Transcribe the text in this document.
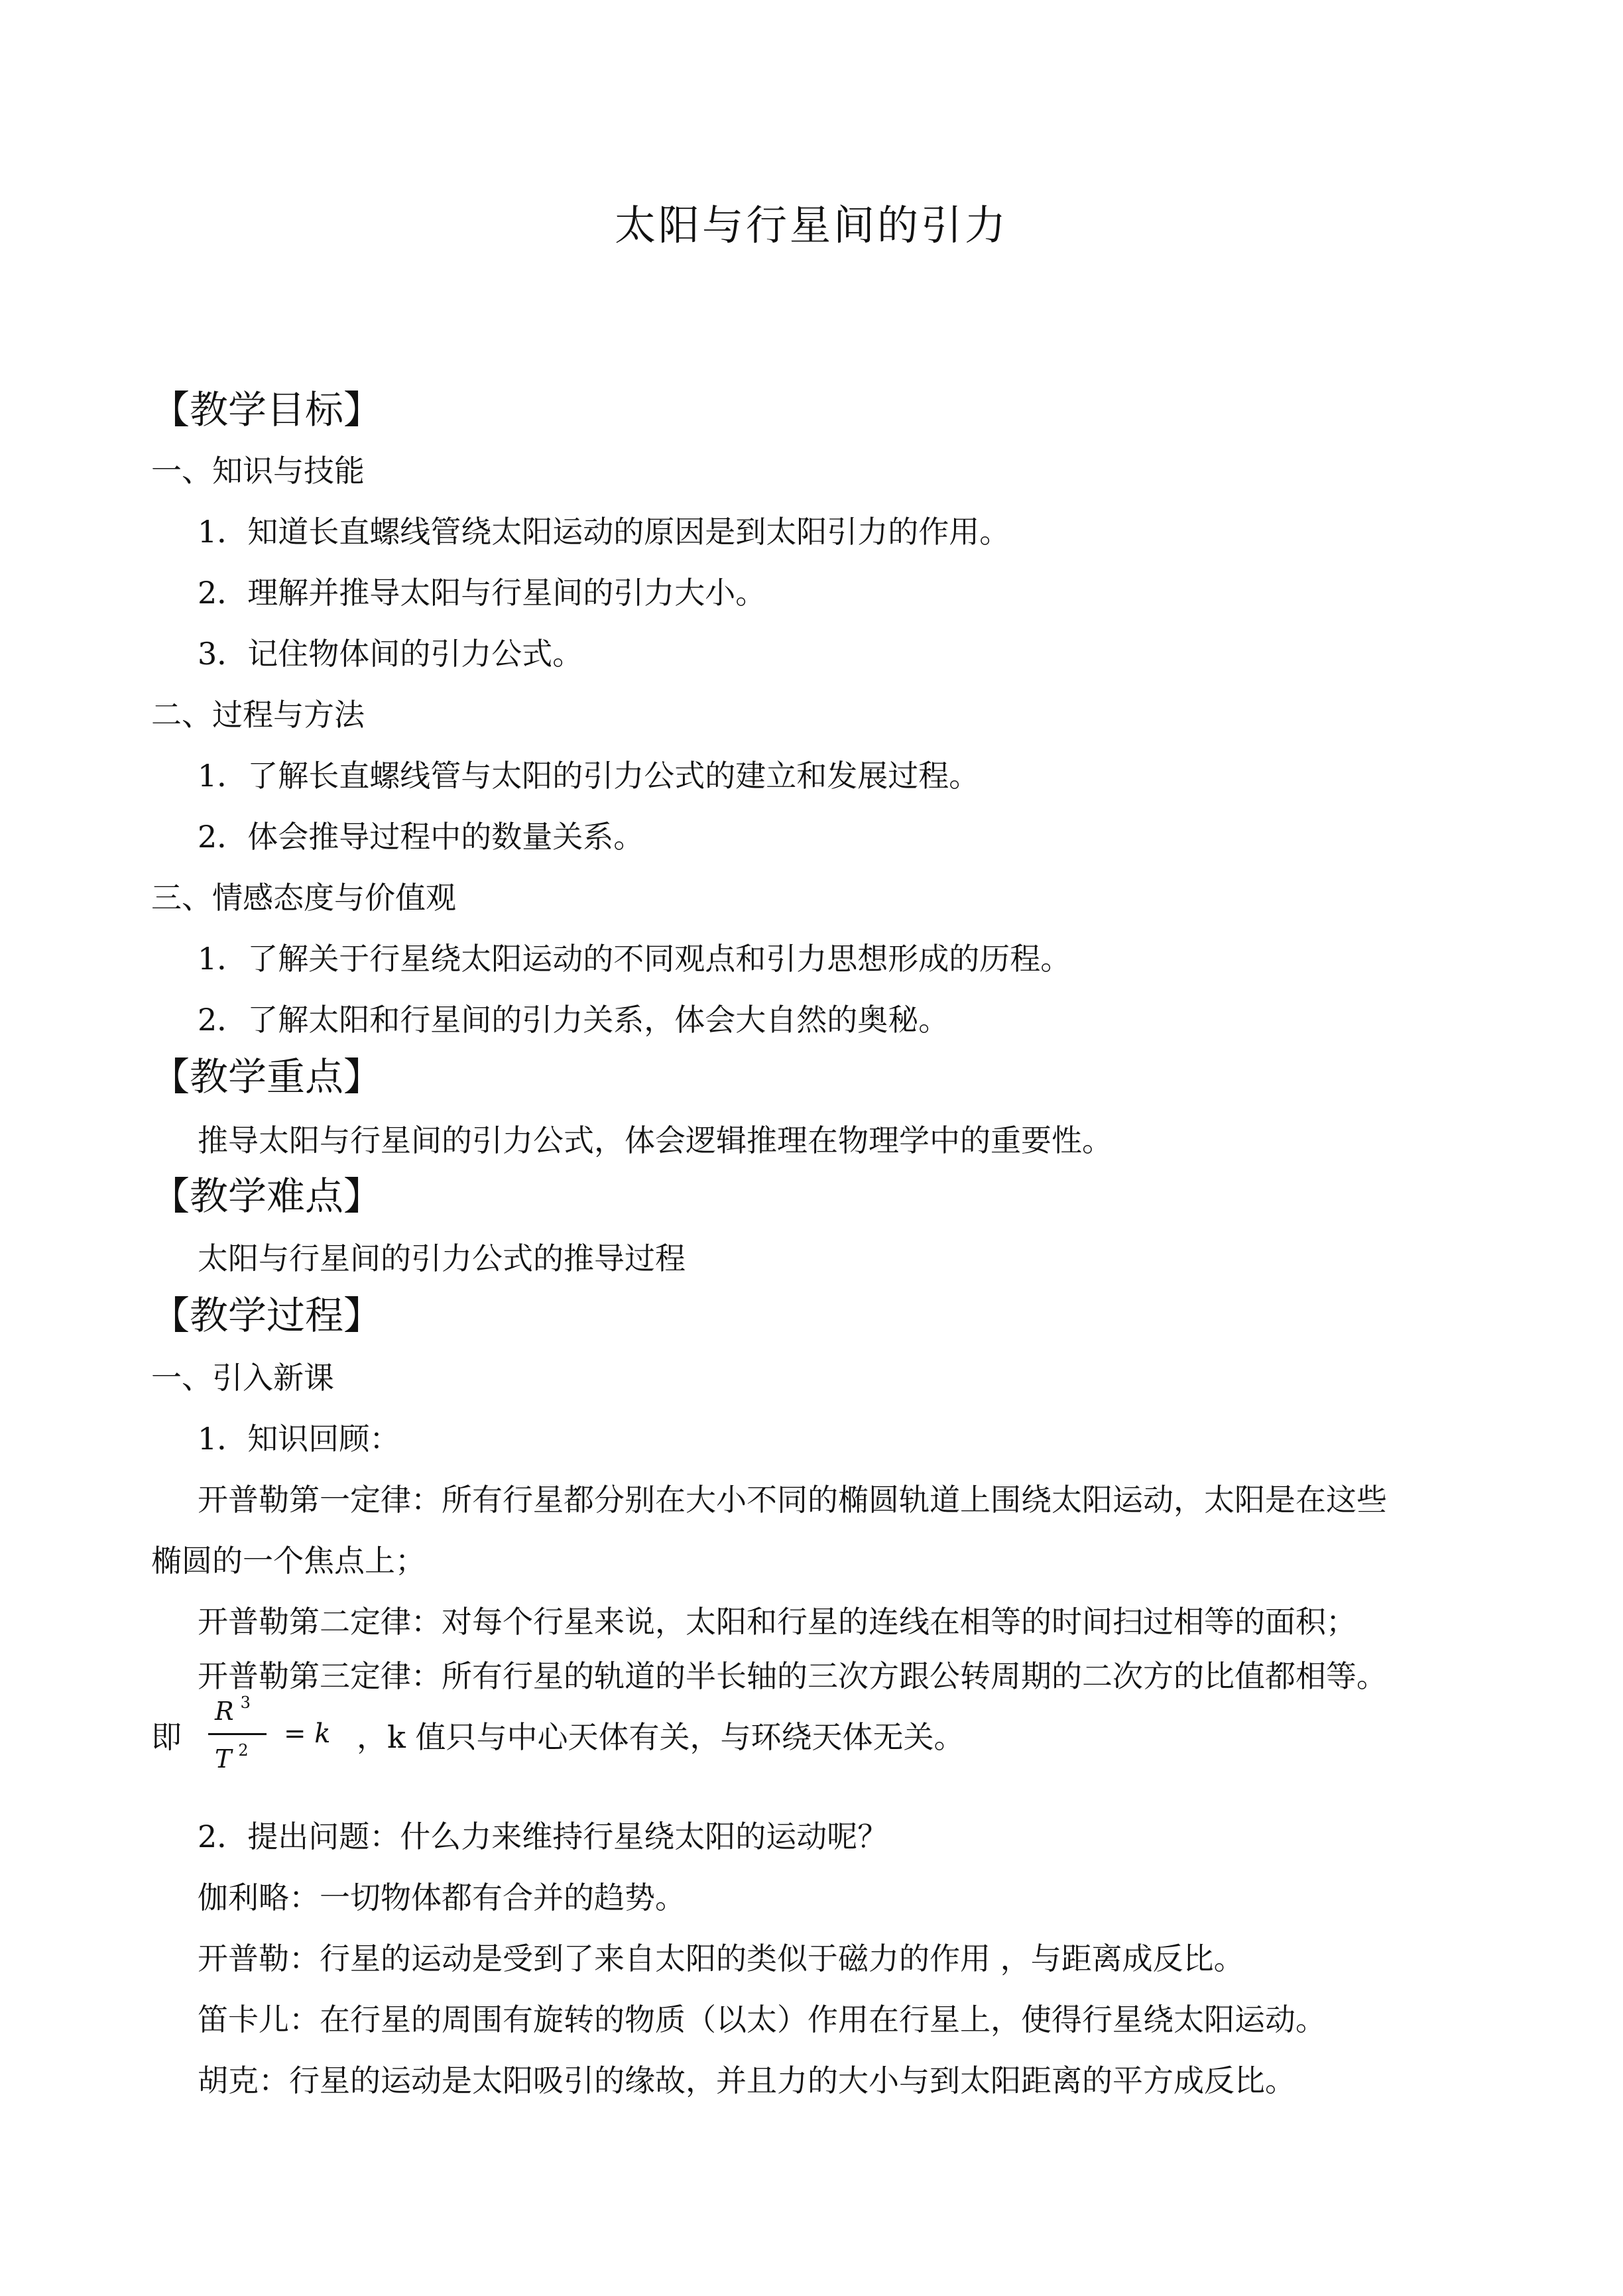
太阳与行星间的引力
【教学目标】
一、知识与技能
1．知道长直螺线管绕太阳运动的原因是到太阳引力的作用。
2．理解并推导太阳与行星间的引力大小。
3．记住物体间的引力公式。
二、过程与方法
1．了解长直螺线管与太阳的引力公式的建立和发展过程。
2．体会推导过程中的数量关系。
三、情感态度与价值观
1．了解关于行星绕太阳运动的不同观点和引力思想形成的历程。
2．了解太阳和行星间的引力关系，体会大自然的奥秘。
【教学重点】
推导太阳与行星间的引力公式，体会逻辑推理在物理学中的重要性。
【教学难点】
太阳与行星间的引力公式的推导过程
【教学过程】
一、引入新课
1．知识回顾：
开普勒第一定律：所有行星都分别在大小不同的椭圆轨道上围绕太阳运动，太阳是在这些
椭圆的一个焦点上；
开普勒第二定律：对每个行星来说，太阳和行星的连线在相等的时间扫过相等的面积；
开普勒第三定律：所有行星的轨道的半长轴的三次方跟公转周期的二次方的比值都相等。
即
R $^3$
T $^2$
= k ，k 值只与中心天体有关，与环绕天体无关。
2．提出问题：什么力来维持行星绕太阳的运动呢？
伽利略：一切物体都有合并的趋势。
开普勒：行星的运动是受到了来自太阳的类似于磁力的作用 ，与距离成反比。
笛卡儿：在行星的周围有旋转的物质（以太）作用在行星上，使得行星绕太阳运动。
胡克：行星的运动是太阳吸引的缘故，并且力的大小与到太阳距离的平方成反比。
